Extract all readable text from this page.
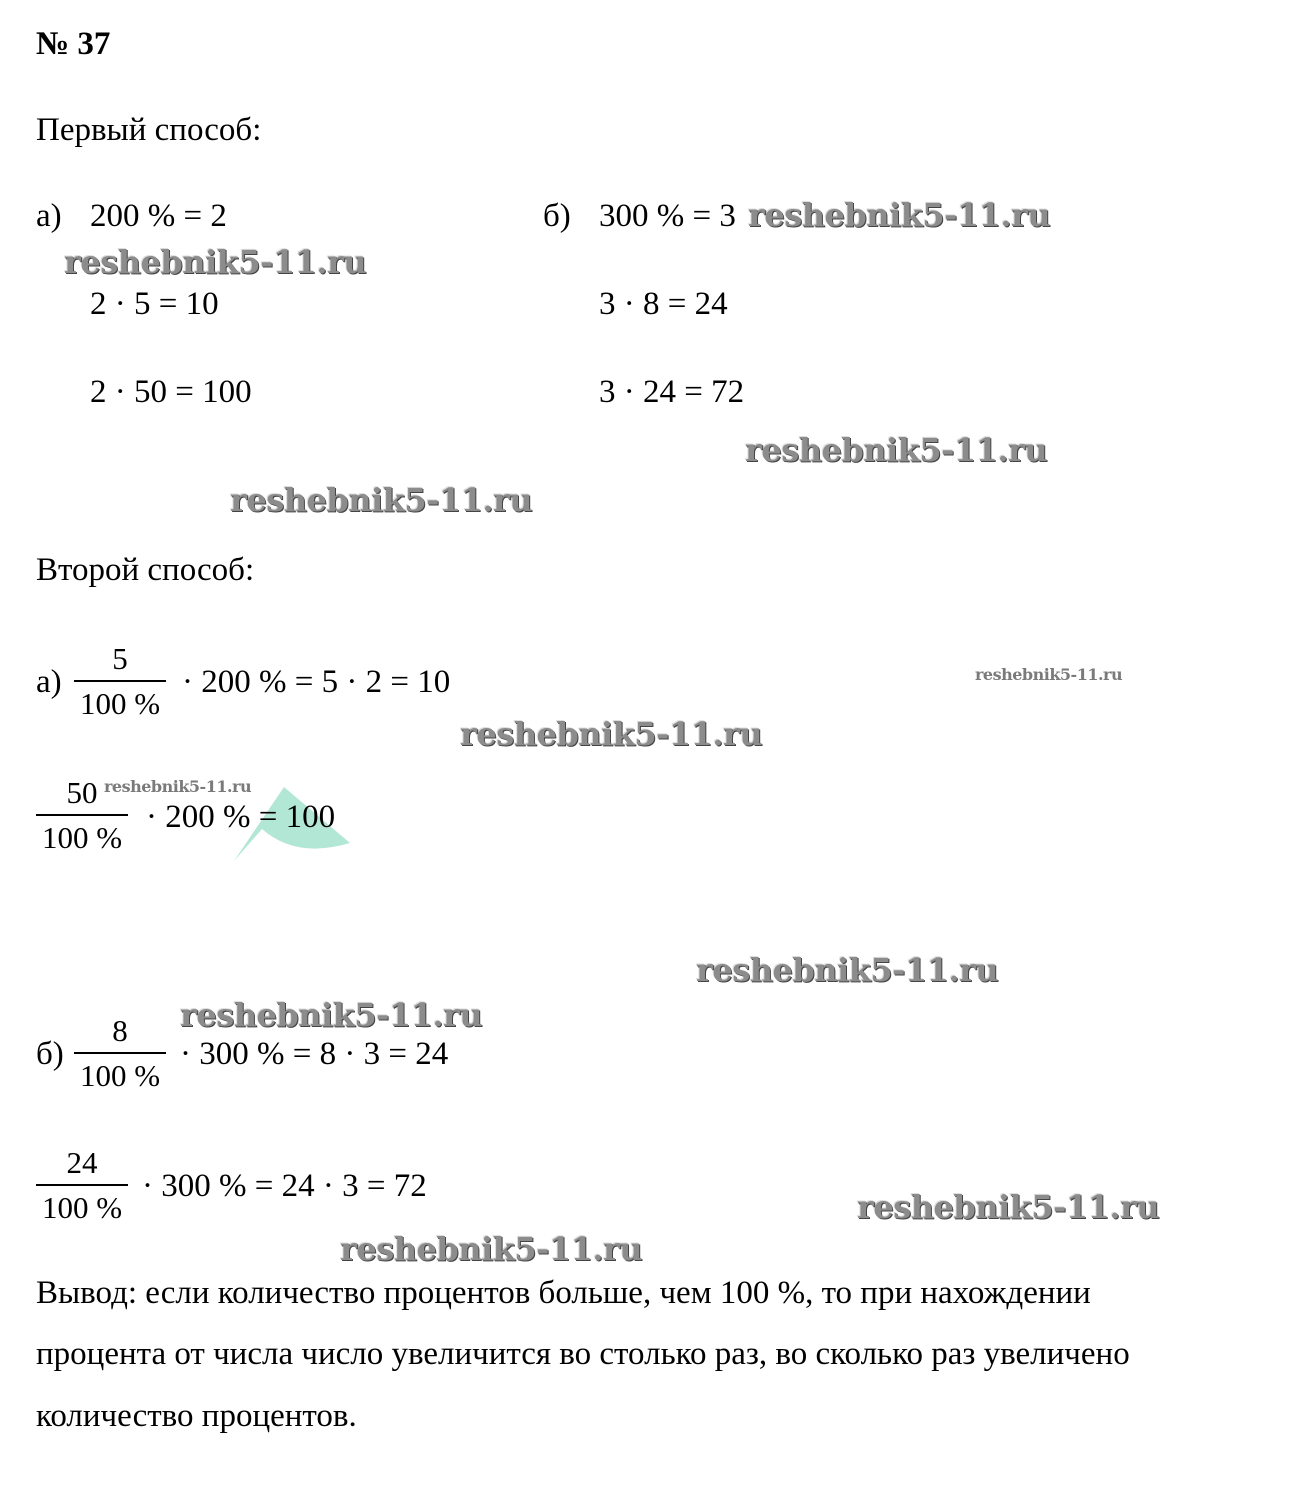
№ 37
Первый способ:
а) 200 % = 2
2 · 5 = 10
2 · 50 = 100
б) 300 % = 3
3 · 8 = 24
3 · 24 = 72
Второй способ:
а)
5
100 %
· 200 % = 5 · 2 = 10
50
100 %
· 200 % = 100
б)
8
100 %
· 300 % = 8 · 3 = 24
24
100 %
· 300 % = 24 · 3 = 72
Вывод: если количество процентов больше, чем 100 %, то при нахождении
процента от числа число увеличится во столько раз, во сколько раз увеличено
количество процентов.
reshebnik5-11.ru
reshebnik5-11.ru
reshebnik5-11.ru
reshebnik5-11.ru
reshebnik5-11.ru
reshebnik5-11.ru
reshebnik5-11.ru
reshebnik5-11.ru
reshebnik5-11.ru
reshebnik5-11.ru
reshebnik5-11.ru
